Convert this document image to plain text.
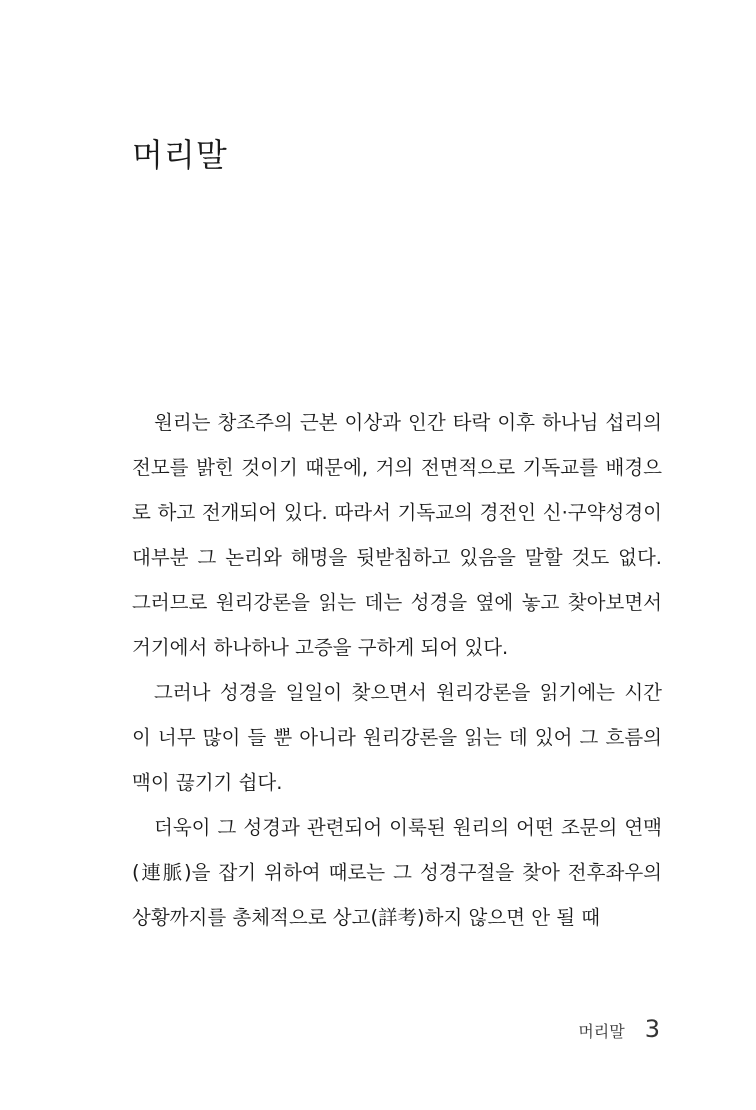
머리말

원리는 창조주의 근본 이상과 인간 타락 이후 하나님 섭리의 전모를 밝힌 것이기 때문에, 거의 전면적으로 기독교를 배경으로 하고 전개되어 있다. 따라서 기독교의 경전인 신·구약성경이 대부분 그 논리와 해명을 뒷받침하고 있음을 말할 것도 없다. 그러므로 원리강론을 읽는 데는 성경을 옆에 놓고 찾아보면서 거기에서 하나하나 고증을 구하게 되어 있다.

그러나 성경을 일일이 찾으면서 원리강론을 읽기에는 시간이 너무 많이 들 뿐 아니라 원리강론을 읽는 데 있어 그 흐름의 맥이 끊기기 쉽다.

더욱이 그 성경과 관련되어 이룩된 원리의 어떤 조문의 연맥(連脈)을 잡기 위하여 때로는 그 성경구절을 찾아 전후좌우의 상황까지를 총체적으로 상고(詳考)하지 않으면 안 될 때

머리말 3
